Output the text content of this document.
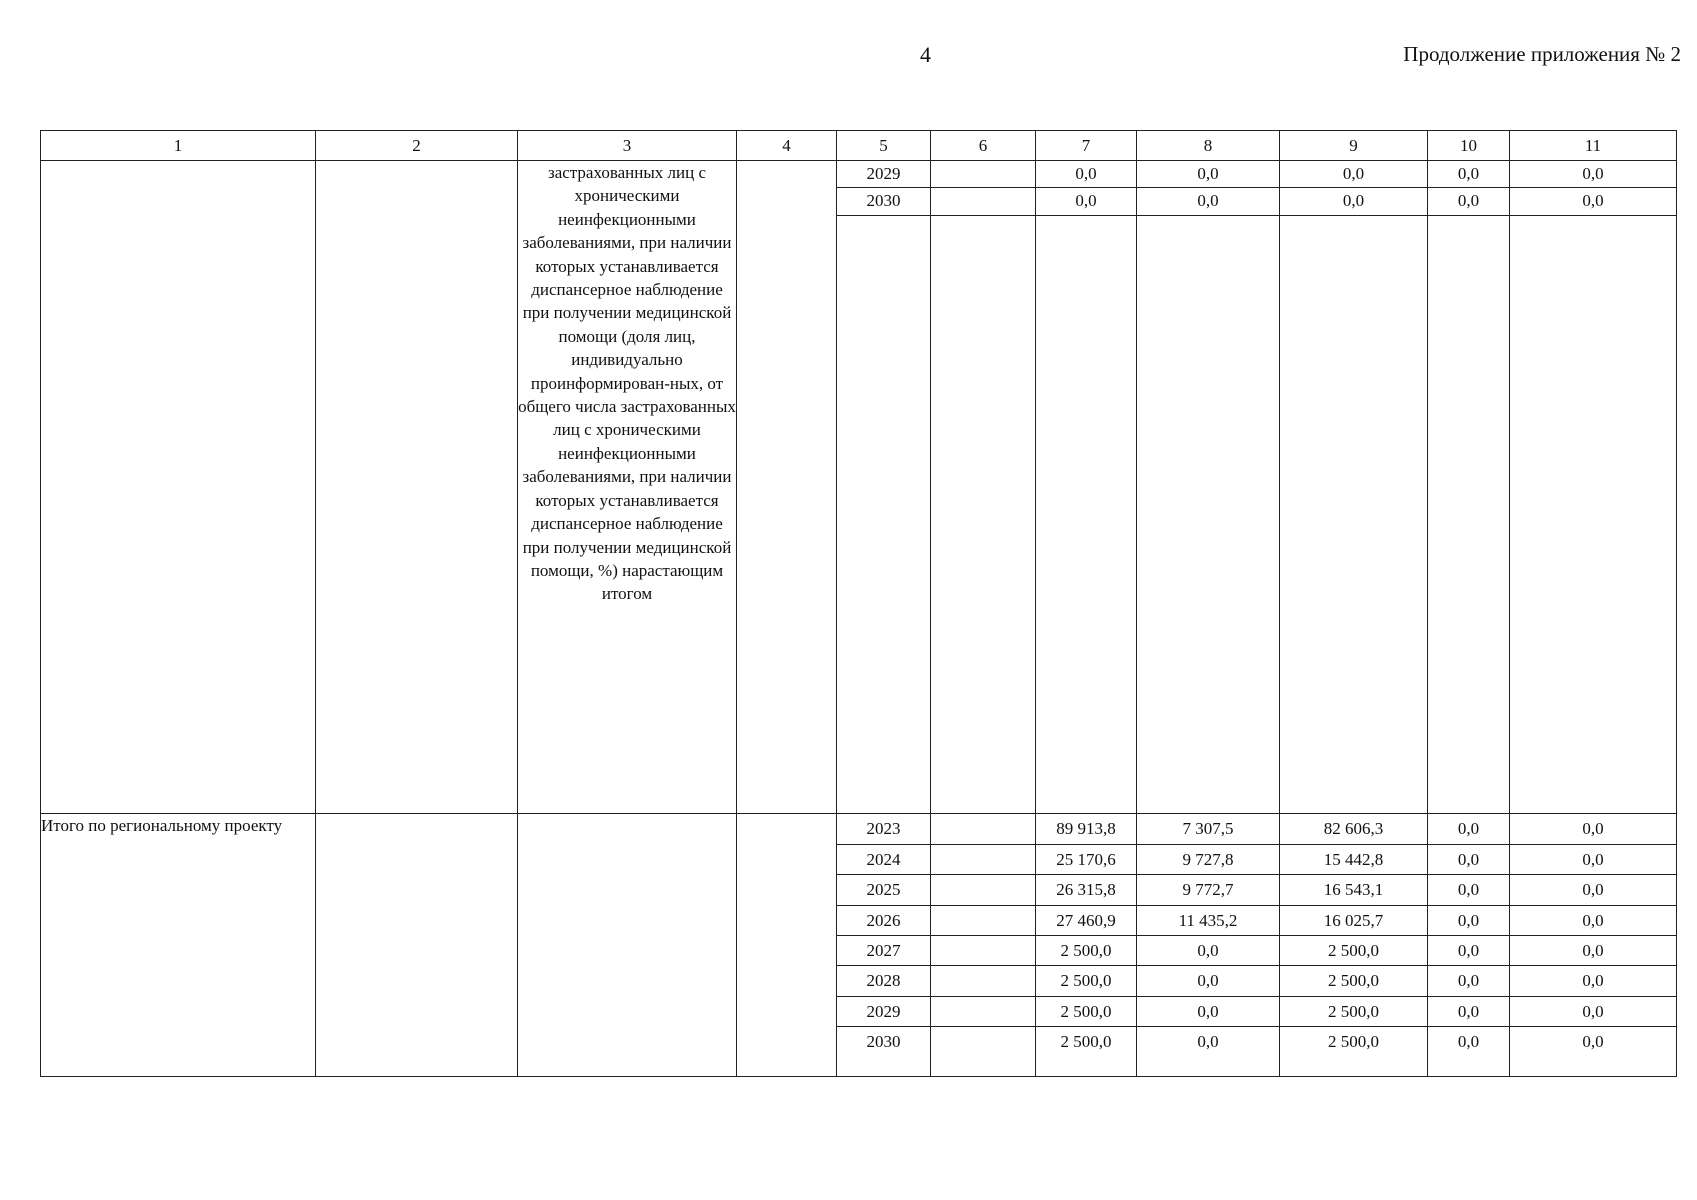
4	Продолжение приложения № 2
1	2	3	4	5	6	7	8	9	10	11
		застрахованных лиц с хроническими неинфекционными заболеваниями, при наличии которых устанавливается диспансерное наблюдение при получении медицинской помощи (доля лиц, индивидуально проинформирован-ных, от общего числа застрахованных лиц с хроническими неинфекционными заболеваниями, при наличии которых устанавливается диспансерное наблюдение при получении медицинской помощи, %) нарастающим итогом		2029		0,0	0,0	0,0	0,0	0,0
				2030		0,0	0,0	0,0	0,0	0,0

Итого по региональному проекту				2023		89 913,8	7 307,5	82 606,3	0,0	0,0
				2024		25 170,6	9 727,8	15 442,8	0,0	0,0
				2025		26 315,8	9 772,7	16 543,1	0,0	0,0
				2026		27 460,9	11 435,2	16 025,7	0,0	0,0
				2027		2 500,0	0,0	2 500,0	0,0	0,0
				2028		2 500,0	0,0	2 500,0	0,0	0,0
				2029		2 500,0	0,0	2 500,0	0,0	0,0
				2030		2 500,0	0,0	2 500,0	0,0	0,0
